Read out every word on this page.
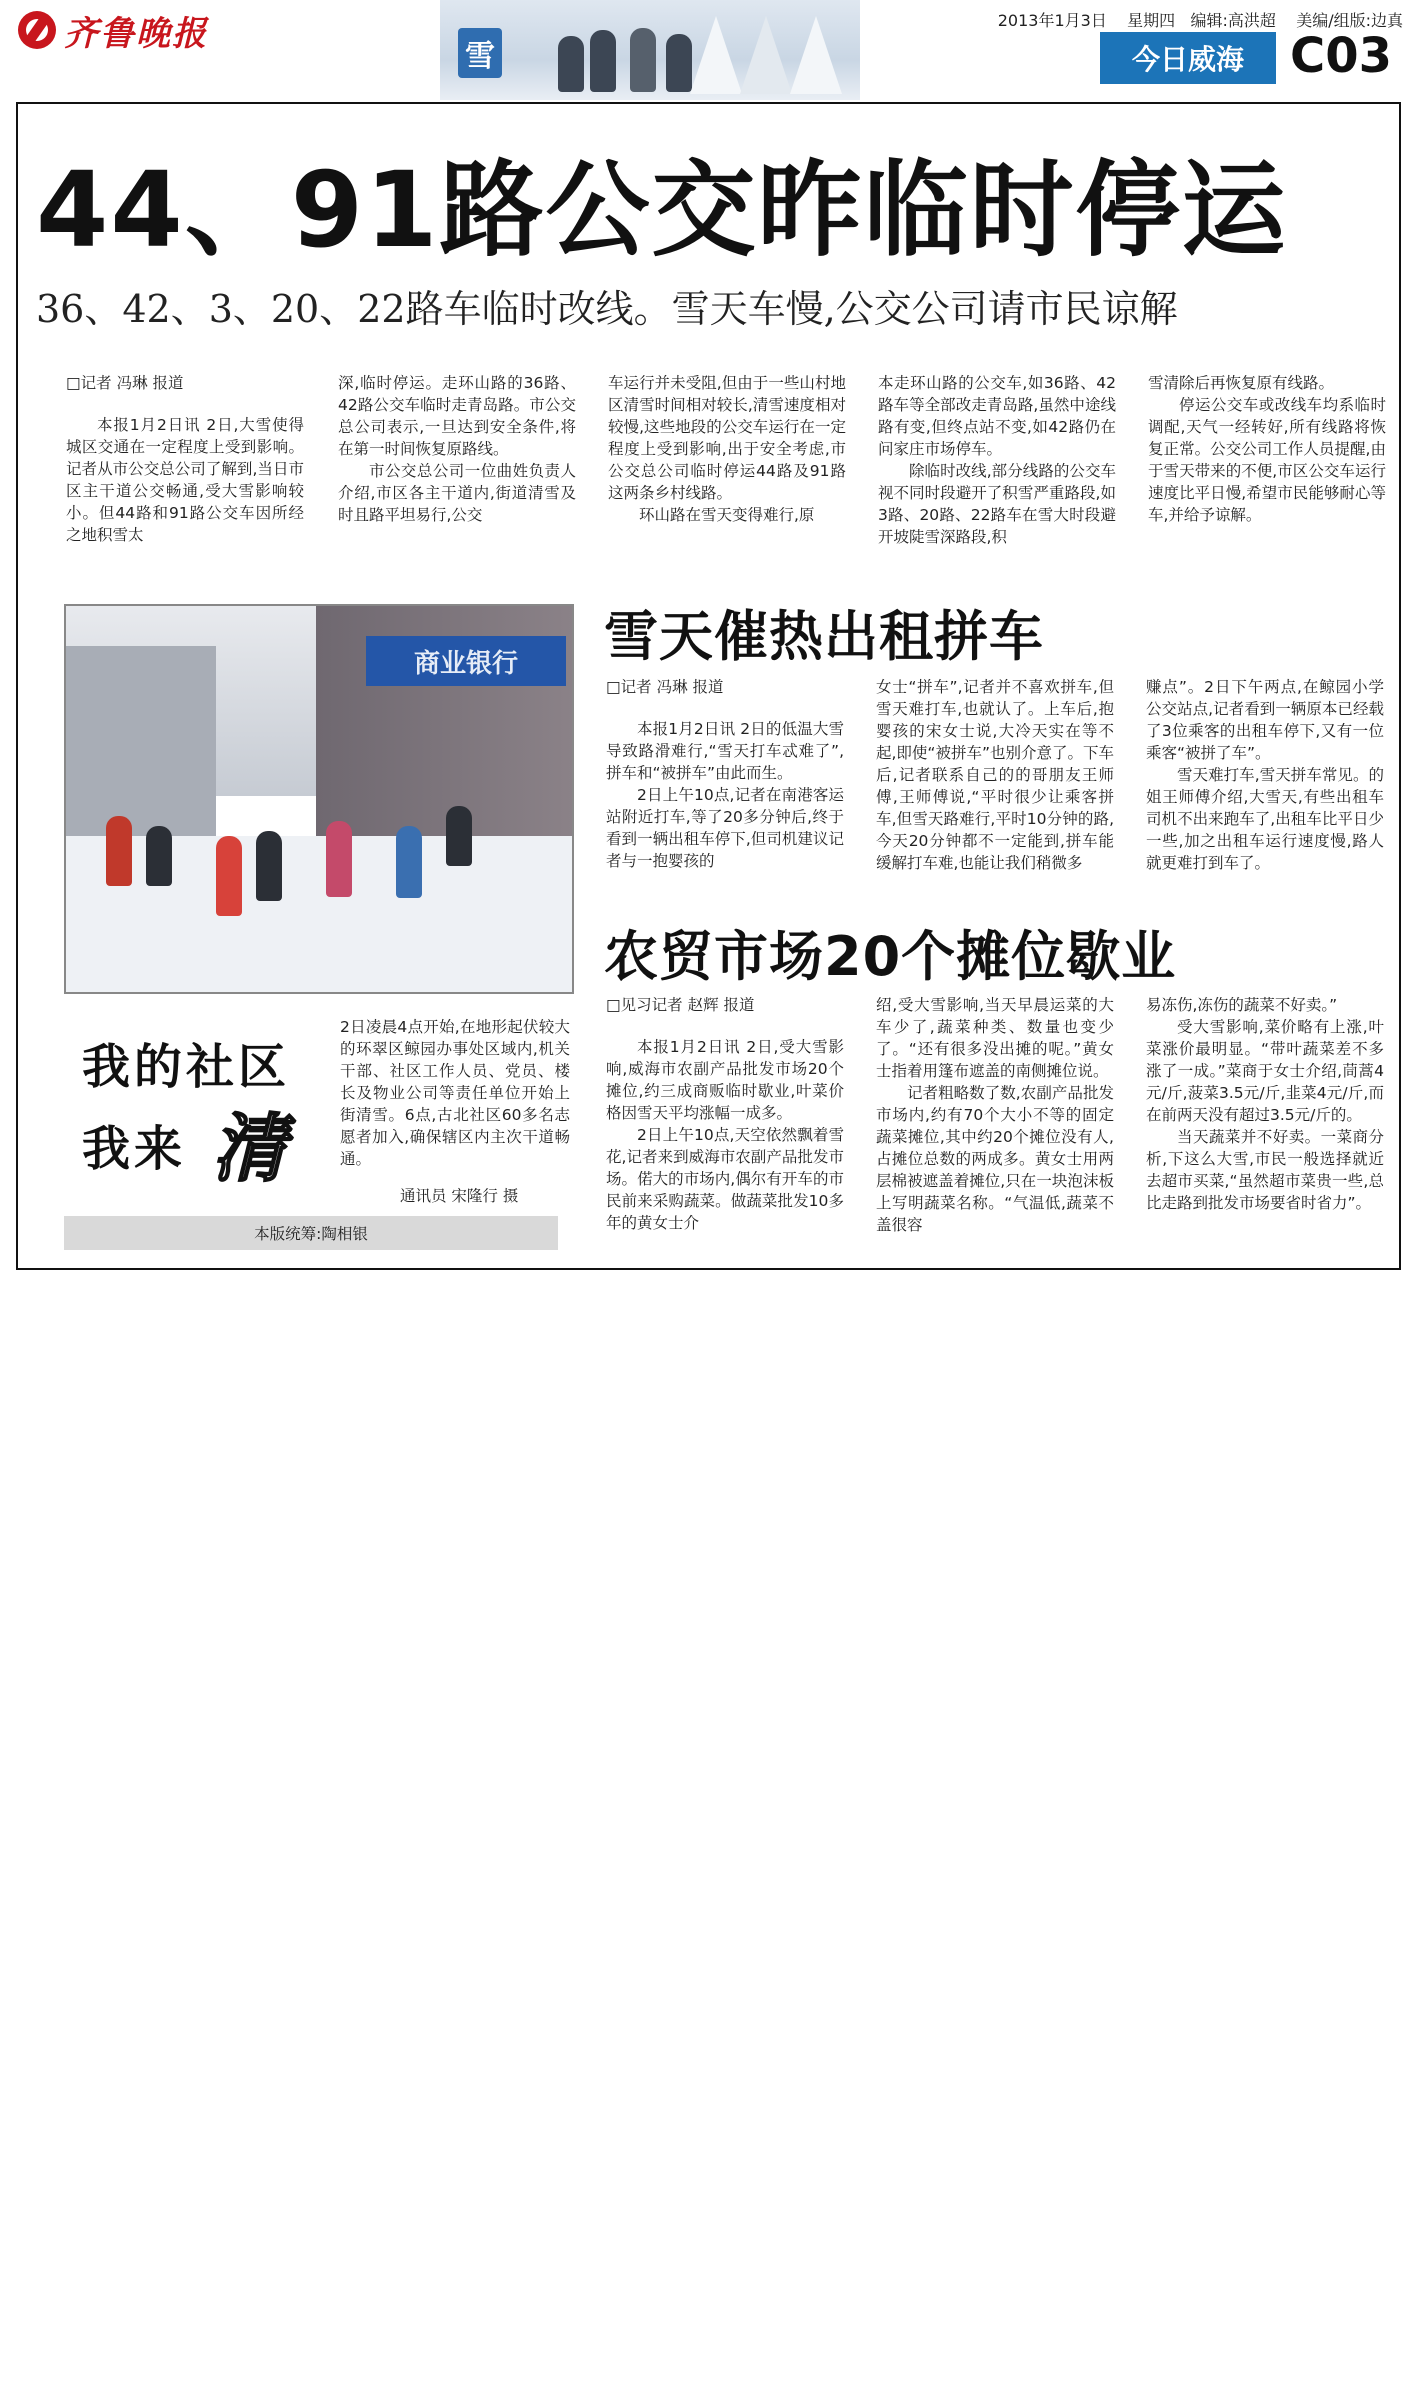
齐鲁晚报
雪
2013年1月3日 星期四 编辑:高洪超 美编/组版:边真
今日威海 C03
44、91路公交昨临时停运
36、42、3、20、22路车临时改线。雪天车慢,公交公司请市民谅解

□ 记者 冯琳 报道

本报1月2日讯 2日,大雪使得城区交通在一定程度上受到影响。记者从市公交总公司了解到,当日市区主干道公交畅通,受大雪影响较小。但44路和91路公交车因所经之地积雪太

深,临时停运。走环山路的36路、42路公交车临时走青岛路。市公交总公司表示,一旦达到安全条件,将在第一时间恢复原路线。

市公交总公司一位曲姓负责人介绍,市区各主干道内,街道清雪及时且路平坦易行,公交

车运行并未受阻,但由于一些山村地区清雪时间相对较长,清雪速度相对较慢,这些地段的公交车运行在一定程度上受到影响,出于安全考虑,市公交总公司临时停运44路及91路这两条乡村线路。

环山路在雪天变得难行,原

本走环山路的公交车,如36路、42路车等全部改走青岛路,虽然中途线路有变,但终点站不变,如42路仍在问家庄市场停车。

除临时改线,部分线路的公交车视不同时段避开了积雪严重路段,如3路、20路、22路车在雪大时段避开坡陡雪深路段,积

雪清除后再恢复原有线路。

停运公交车或改线车均系临时调配,天气一经转好,所有线路将恢复正常。公交公司工作人员提醒,由于雪天带来的不便,市区公交车运行速度比平日慢,希望市民能够耐心等车,并给予谅解。

商业银行
我的社区
我来 清
2日凌晨4点开始,在地形起伏较大的环翠区鲸园办事处区域内,机关干部、社区工作人员、党员、楼长及物业公司等责任单位开始上街清雪。6点,古北社区60多名志愿者加入,确保辖区内主次干道畅通。
通讯员 宋隆行 摄
本版统筹:陶相银
雪天催热出租拼车

□ 记者 冯琳 报道

本报1月2日讯 2日的低温大雪导致路滑难行,“雪天打车忒难了”,拼车和“被拼车”由此而生。

2日上午10点,记者在南港客运站附近打车,等了20多分钟后,终于看到一辆出租车停下,但司机建议记者与一抱婴孩的

女士“拼车”,记者并不喜欢拼车,但雪天难打车,也就认了。上车后,抱婴孩的宋女士说,大冷天实在等不起,即使“被拼车”也别介意了。下车后,记者联系自己的的哥朋友王师傅,王师傅说,“平时很少让乘客拼车,但雪天路难行,平时10分钟的路,今天20分钟都不一定能到,拼车能缓解打车难,也能让我们稍微多

赚点”。2日下午两点,在鲸园小学公交站点,记者看到一辆原本已经载了3位乘客的出租车停下,又有一位乘客“被拼了车”。

雪天难打车,雪天拼车常见。的姐王师傅介绍,大雪天,有些出租车司机不出来跑车了,出租车比平日少一些,加之出租车运行速度慢,路人就更难打到车了。

农贸市场20个摊位歇业

□ 见习记者 赵辉 报道

本报1月2日讯 2日,受大雪影响,威海市农副产品批发市场20个摊位,约三成商贩临时歇业,叶菜价格因雪天平均涨幅一成多。

2日上午10点,天空依然飘着雪花,记者来到威海市农副产品批发市场。偌大的市场内,偶尔有开车的市民前来采购蔬菜。做蔬菜批发10多年的黄女士介

绍,受大雪影响,当天早晨运菜的大车少了,蔬菜种类、数量也变少了。“还有很多没出摊的呢。”黄女士指着用篷布遮盖的南侧摊位说。

记者粗略数了数,农副产品批发市场内,约有70个大小不等的固定蔬菜摊位,其中约20个摊位没有人,占摊位总数的两成多。黄女士用两层棉被遮盖着摊位,只在一块泡沫板上写明蔬菜名称。“气温低,蔬菜不盖很容

易冻伤,冻伤的蔬菜不好卖。”

受大雪影响,菜价略有上涨,叶菜涨价最明显。“带叶蔬菜差不多涨了一成。”菜商于女士介绍,茼蒿4元/斤,菠菜3.5元/斤,韭菜4元/斤,而在前两天没有超过3.5元/斤的。

当天蔬菜并不好卖。一菜商分析,下这么大雪,市民一般选择就近去超市买菜,“虽然超市菜贵一些,总比走路到批发市场要省时省力”。
